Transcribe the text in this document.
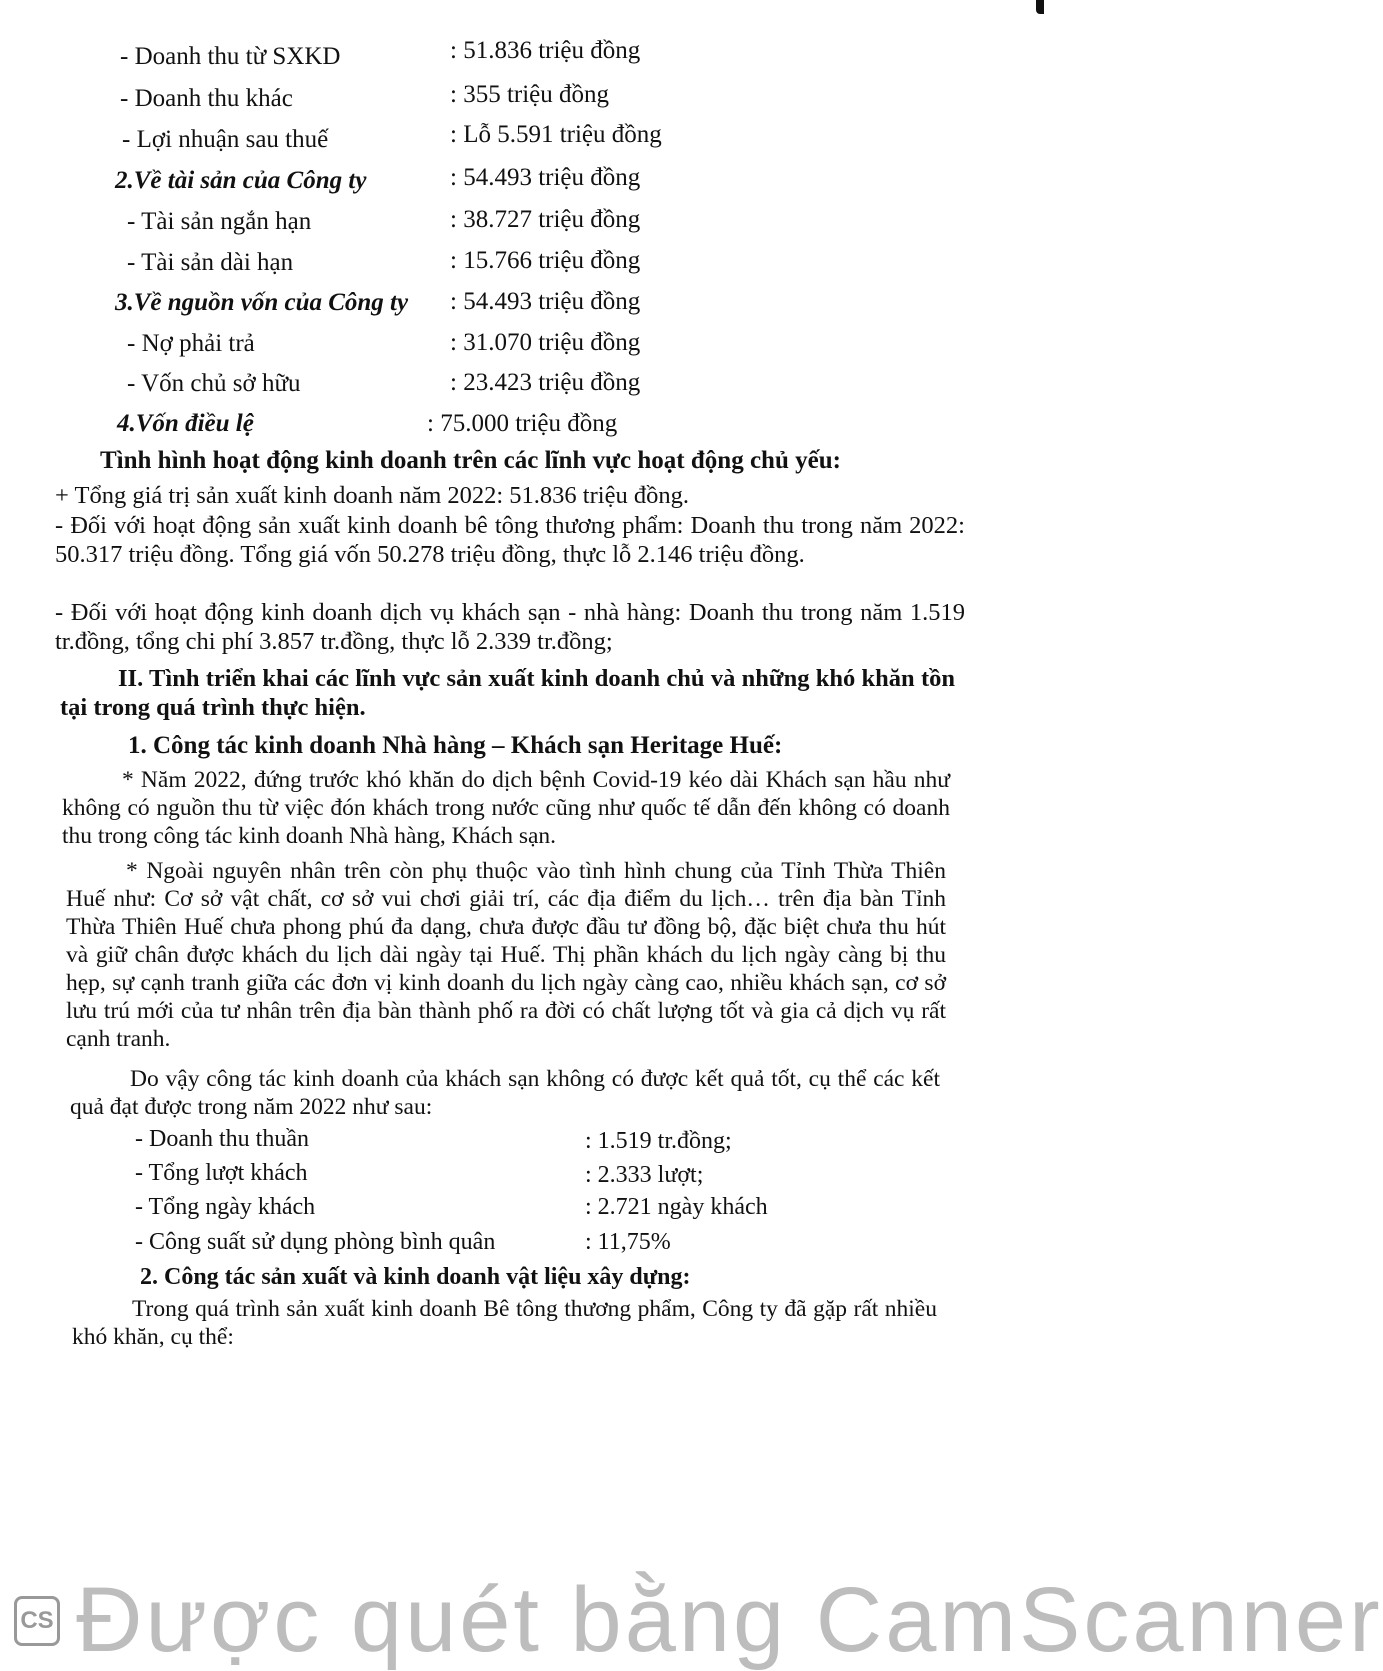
- Doanh thu từ SXKD	: 51.836 triệu đồng
- Doanh thu khác	: 355 triệu đồng
- Lợi nhuận sau thuế	: Lỗ 5.591 triệu đồng
2.Về tài sản của Công ty	: 54.493 triệu đồng
- Tài sản ngắn hạn	: 38.727 triệu đồng
- Tài sản dài hạn	: 15.766 triệu đồng
3.Về nguồn vốn của Công ty : 54.493 triệu đồng
- Nợ phải trả	: 31.070 triệu đồng
- Vốn chủ sở hữu	: 23.423 triệu đồng
4.Vốn điều lệ	: 75.000 triệu đồng
Tình hình hoạt động kinh doanh trên các lĩnh vực hoạt động chủ yếu:
+ Tổng giá trị sản xuất kinh doanh năm 2022: 51.836 triệu đồng.
- Đối với hoạt động sản xuất kinh doanh bê tông thương phẩm: Doanh thu trong năm 2022: 50.317 triệu đồng. Tổng giá vốn 50.278 triệu đồng, thực lỗ 2.146 triệu đồng.
- Đối với hoạt động kinh doanh dịch vụ khách sạn - nhà hàng: Doanh thu trong năm 1.519 tr.đồng, tổng chi phí 3.857 tr.đồng, thực lỗ 2.339 tr.đồng;
II. Tình triển khai các lĩnh vực sản xuất kinh doanh chủ và những khó khăn tồn tại trong quá trình thực hiện.
1. Công tác kinh doanh Nhà hàng – Khách sạn Heritage Huế:
* Năm 2022, đứng trước khó khăn do dịch bệnh Covid-19 kéo dài Khách sạn hầu như không có nguồn thu từ việc đón khách trong nước cũng như quốc tế dẫn đến không có doanh thu trong công tác kinh doanh Nhà hàng, Khách sạn.
* Ngoài nguyên nhân trên còn phụ thuộc vào tình hình chung của Tỉnh Thừa Thiên Huế như: Cơ sở vật chất, cơ sở vui chơi giải trí, các địa điểm du lịch… trên địa bàn Tỉnh Thừa Thiên Huế chưa phong phú đa dạng, chưa được đầu tư đồng bộ, đặc biệt chưa thu hút và giữ chân được khách du lịch dài ngày tại Huế. Thị phần khách du lịch ngày càng bị thu hẹp, sự cạnh tranh giữa các đơn vị kinh doanh du lịch ngày càng cao, nhiều khách sạn, cơ sở lưu trú mới của tư nhân trên địa bàn thành phố ra đời có chất lượng tốt và gia cả dịch vụ rất cạnh tranh.
Do vậy công tác kinh doanh của khách sạn không có được kết quả tốt, cụ thể các kết quả đạt được trong năm 2022 như sau:
- Doanh thu thuần	: 1.519 tr.đồng;
- Tổng lượt khách	: 2.333 lượt;
- Tổng ngày khách	: 2.721 ngày khách
- Công suất sử dụng phòng bình quân	: 11,75%
2. Công tác sản xuất và kinh doanh vật liệu xây dựng:
Trong quá trình sản xuất kinh doanh Bê tông thương phẩm, Công ty đã gặp rất nhiều khó khăn, cụ thể:
CS Được quét bằng CamScanner
